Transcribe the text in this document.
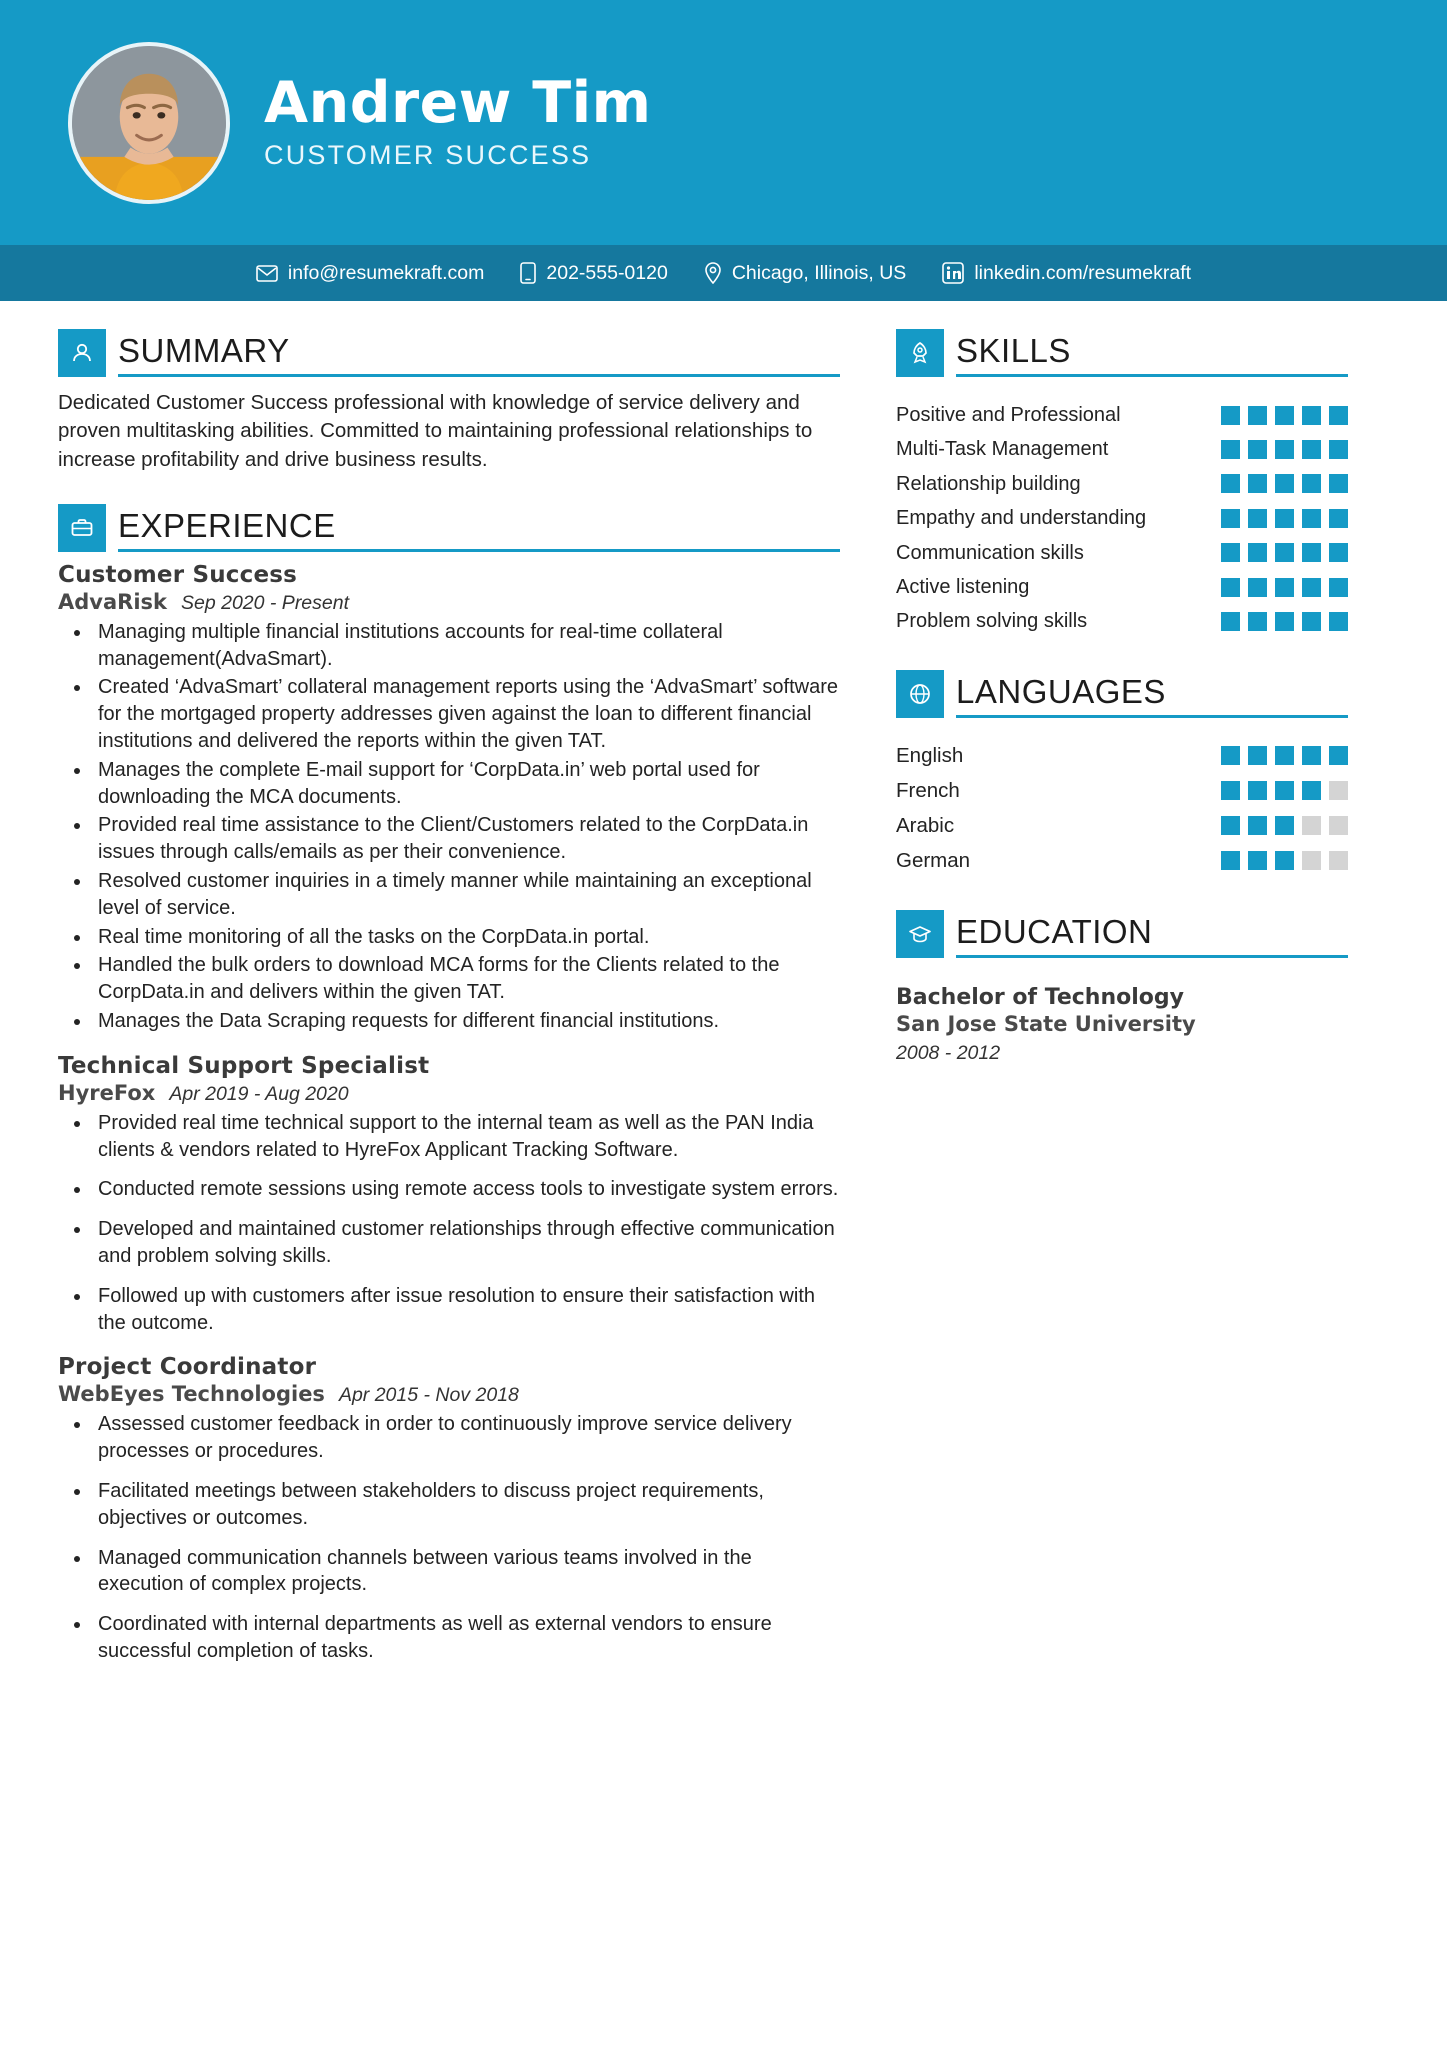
Andrew Tim
CUSTOMER SUCCESS
info@resumekraft.com	202-555-0120	Chicago, Illinois, US	linkedin.com/resumekraft
SUMMARY
Dedicated Customer Success professional with knowledge of service delivery and proven multitasking abilities. Committed to maintaining professional relationships to increase profitability and drive business results.
EXPERIENCE
Customer Success
AdvaRisk Sep 2020 - Present
• Managing multiple financial institutions accounts for real-time collateral management(AdvaSmart).
• Created ‘AdvaSmart’ collateral management reports using the ‘AdvaSmart’ software for the mortgaged property addresses given against the loan to different financial institutions and delivered the reports within the given TAT.
• Manages the complete E-mail support for ‘CorpData.in’ web portal used for downloading the MCA documents.
• Provided real time assistance to the Client/Customers related to the CorpData.in issues through calls/emails as per their convenience.
• Resolved customer inquiries in a timely manner while maintaining an exceptional level of service.
• Real time monitoring of all the tasks on the CorpData.in portal.
• Handled the bulk orders to download MCA forms for the Clients related to the CorpData.in and delivers within the given TAT.
• Manages the Data Scraping requests for different financial institutions.
Technical Support Specialist
HyreFox Apr 2019 - Aug 2020
• Provided real time technical support to the internal team as well as the PAN India clients & vendors related to HyreFox Applicant Tracking Software.
• Conducted remote sessions using remote access tools to investigate system errors.
• Developed and maintained customer relationships through effective communication and problem solving skills.
• Followed up with customers after issue resolution to ensure their satisfaction with the outcome.
Project Coordinator
WebEyes Technologies Apr 2015 - Nov 2018
• Assessed customer feedback in order to continuously improve service delivery processes or procedures.
• Facilitated meetings between stakeholders to discuss project requirements, objectives or outcomes.
• Managed communication channels between various teams involved in the execution of complex projects.
• Coordinated with internal departments as well as external vendors to ensure successful completion of tasks.
SKILLS
Positive and Professional
Multi-Task Management
Relationship building
Empathy and understanding
Communication skills
Active listening
Problem solving skills
LANGUAGES
English
French
Arabic
German
EDUCATION
Bachelor of Technology
San Jose State University
2008 - 2012
